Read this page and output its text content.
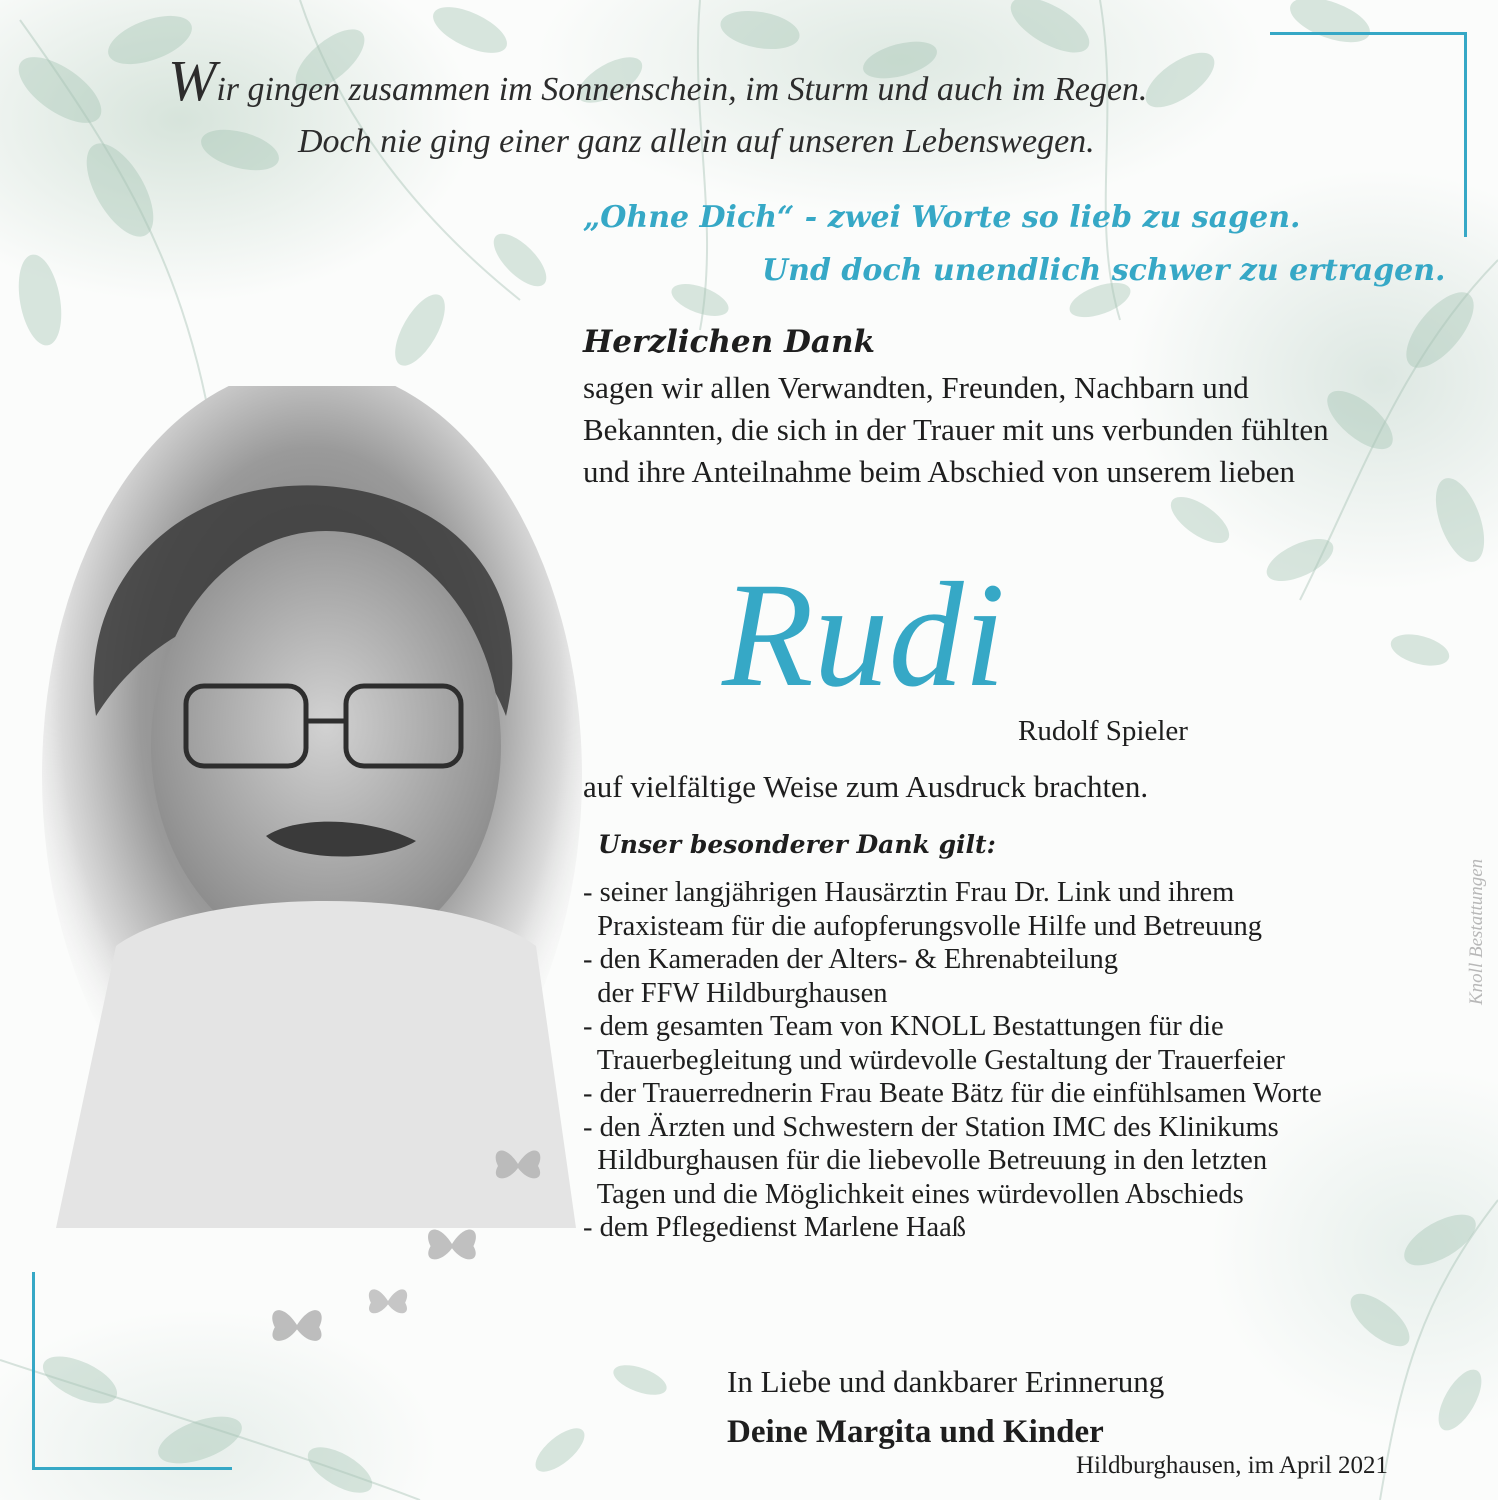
Wir gingen zusammen im Sonnenschein, im Sturm und auch im Regen.

Doch nie ging einer ganz allein auf unseren Lebenswegen.

„Ohne Dich“ - zwei Worte so lieb zu sagen.

Und doch unendlich schwer zu ertragen.

Herzlichen Dank

sagen wir allen Verwandten, Freunden, Nachbarn und

Bekannten, die sich in der Trauer mit uns verbunden fühlten

und ihre Anteilnahme beim Abschied von unserem lieben

Rudi

Rudolf Spieler

auf vielfältige Weise zum Ausdruck brachten.

Unser besonderer Dank gilt:

- seiner langjährigen Hausärztin Frau Dr. Link und ihrem
Praxisteam für die aufopferungsvolle Hilfe und Betreuung
- den Kameraden der Alters- & Ehrenabteilung
der FFW Hildburghausen
- dem gesamten Team von KNOLL Bestattungen für die
Trauerbegleitung und würdevolle Gestaltung der Trauerfeier
- der Trauerrednerin Frau Beate Bätz für die einfühlsamen Worte
- den Ärzten und Schwestern der Station IMC des Klinikums
Hildburghausen für die liebevolle Betreuung in den letzten
Tagen und die Möglichkeit eines würdevollen Abschieds
- dem Pflegedienst Marlene Haaß

In Liebe und dankbarer Erinnerung

Deine Margita und Kinder

Hildburghausen, im April 2021

Knoll Bestattungen
